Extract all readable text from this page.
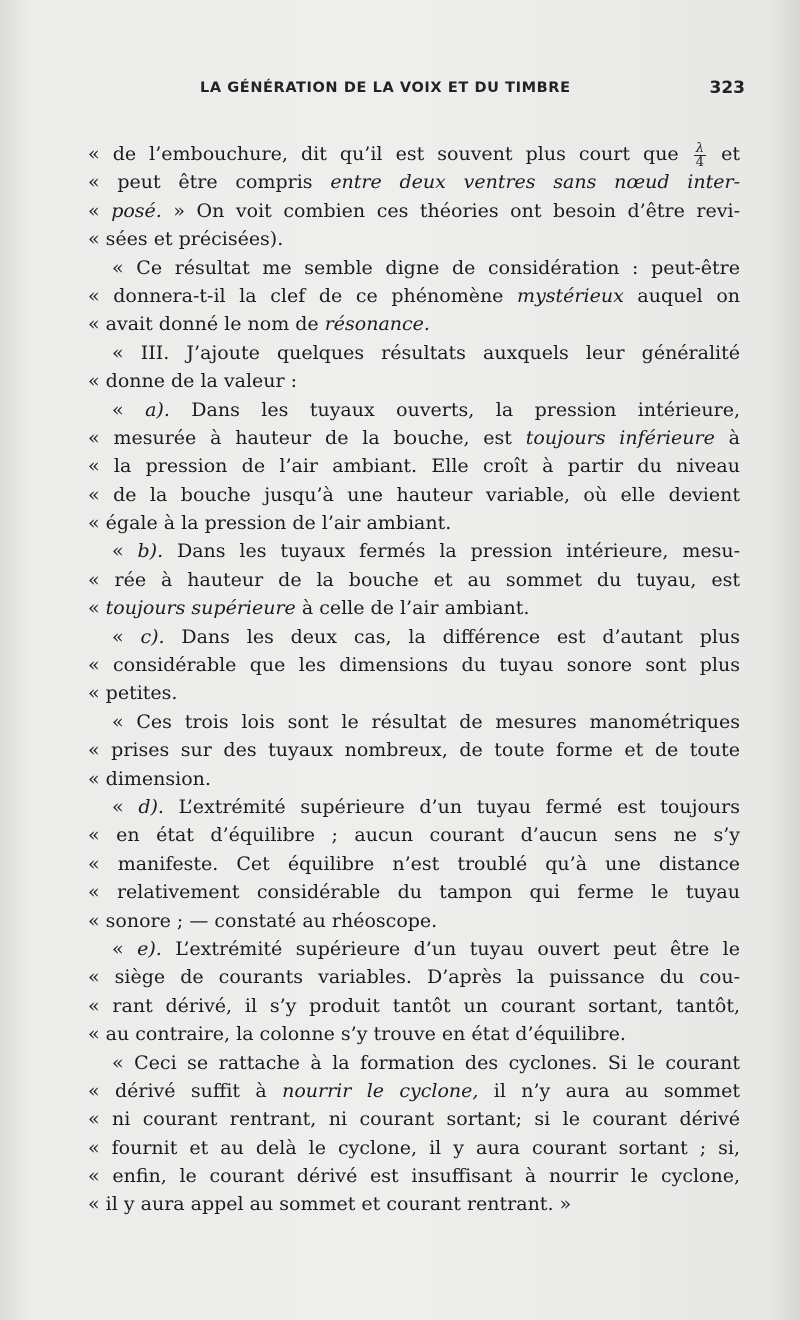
LA GÉNÉRATION DE LA VOIX ET DU TIMBRE	323
« de l’embouchure, dit qu’il est souvent plus court que $\frac{\lambda}{4}$ et
« peut être compris entre deux ventres sans nœud inter-
« posé. » On voit combien ces théories ont besoin d’être revi-
« sées et précisées).
« Ce résultat me semble digne de considération : peut-être
« donnera-t-il la clef de ce phénomène mystérieux auquel on
« avait donné le nom de résonance.
« III. J’ajoute quelques résultats auxquels leur généralité
« donne de la valeur :
« a). Dans les tuyaux ouverts, la pression intérieure,
« mesurée à hauteur de la bouche, est toujours inférieure à
« la pression de l’air ambiant. Elle croît à partir du niveau
« de la bouche jusqu’à une hauteur variable, où elle devient
« égale à la pression de l’air ambiant.
« b). Dans les tuyaux fermés la pression intérieure, mesu-
« rée à hauteur de la bouche et au sommet du tuyau, est
« toujours supérieure à celle de l’air ambiant.
« c). Dans les deux cas, la différence est d’autant plus
« considérable que les dimensions du tuyau sonore sont plus
« petites.
« Ces trois lois sont le résultat de mesures manométriques
« prises sur des tuyaux nombreux, de toute forme et de toute
« dimension.
« d). L’extrémité supérieure d’un tuyau fermé est toujours
« en état d’équilibre ; aucun courant d’aucun sens ne s’y
« manifeste. Cet équilibre n’est troublé qu’à une distance
« relativement considérable du tampon qui ferme le tuyau
« sonore ; — constaté au rhéoscope.
« e). L’extrémité supérieure d’un tuyau ouvert peut être le
« siège de courants variables. D’après la puissance du cou-
« rant dérivé, il s’y produit tantôt un courant sortant, tantôt,
« au contraire, la colonne s’y trouve en état d’équilibre.
« Ceci se rattache à la formation des cyclones. Si le courant
« dérivé suffit à nourrir le cyclone, il n’y aura au sommet
« ni courant rentrant, ni courant sortant; si le courant dérivé
« fournit et au delà le cyclone, il y aura courant sortant ; si,
« enfin, le courant dérivé est insuffisant à nourrir le cyclone,
« il y aura appel au sommet et courant rentrant. »
